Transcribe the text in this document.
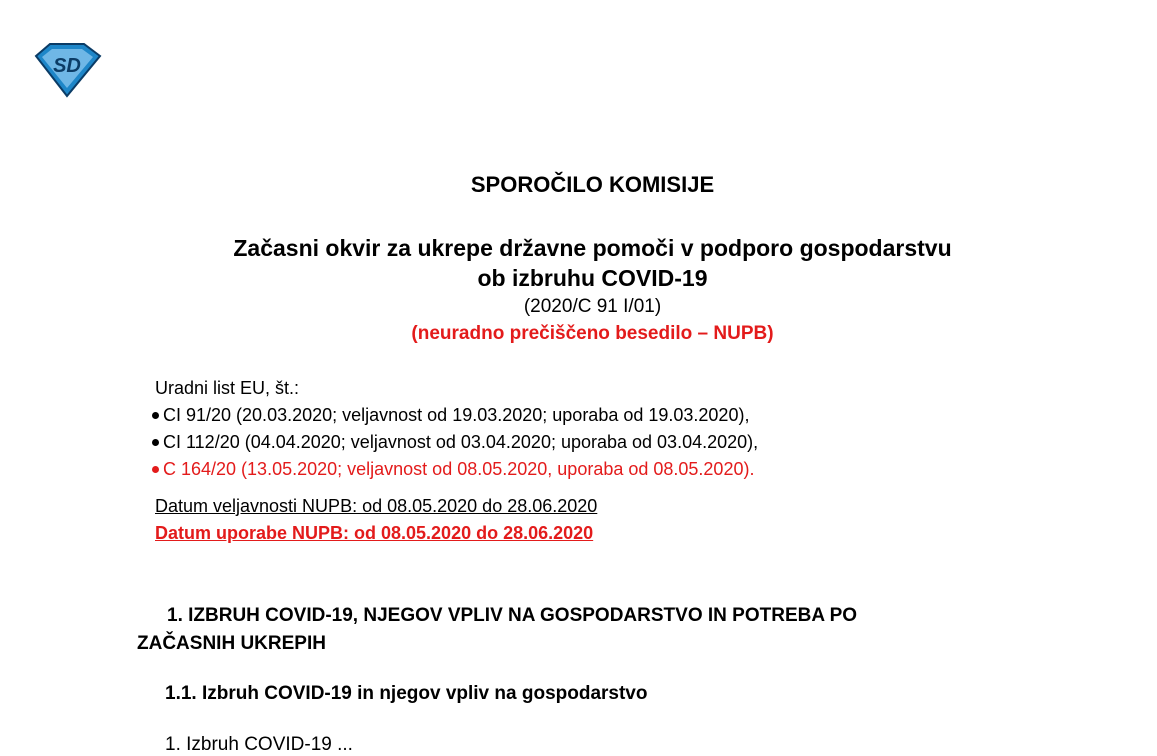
SD
SPOROČILO KOMISIJE
Začasni okvir za ukrepe državne pomoči v podporo gospodarstvu
ob izbruhu COVID-19
(2020/C 91 I/01)
(neuradno prečiščeno besedilo – NUPB)
Uradni list EU, št.:
CI 91/20 (20.03.2020; veljavnost od 19.03.2020; uporaba od 19.03.2020),
CI 112/20 (04.04.2020; veljavnost od 03.04.2020; uporaba od 03.04.2020),
C 164/20 (13.05.2020; veljavnost od 08.05.2020, uporaba od 08.05.2020).
Datum veljavnosti NUPB: od 08.05.2020 do 28.06.2020
Datum uporabe NUPB: od 08.05.2020 do 28.06.2020
1. IZBRUH COVID-19, NJEGOV VPLIV NA GOSPODARSTVO IN POTREBA PO
ZAČASNIH UKREPIH
1.1. Izbruh COVID-19 in njegov vpliv na gospodarstvo
1. Izbruh COVID-19 ...
